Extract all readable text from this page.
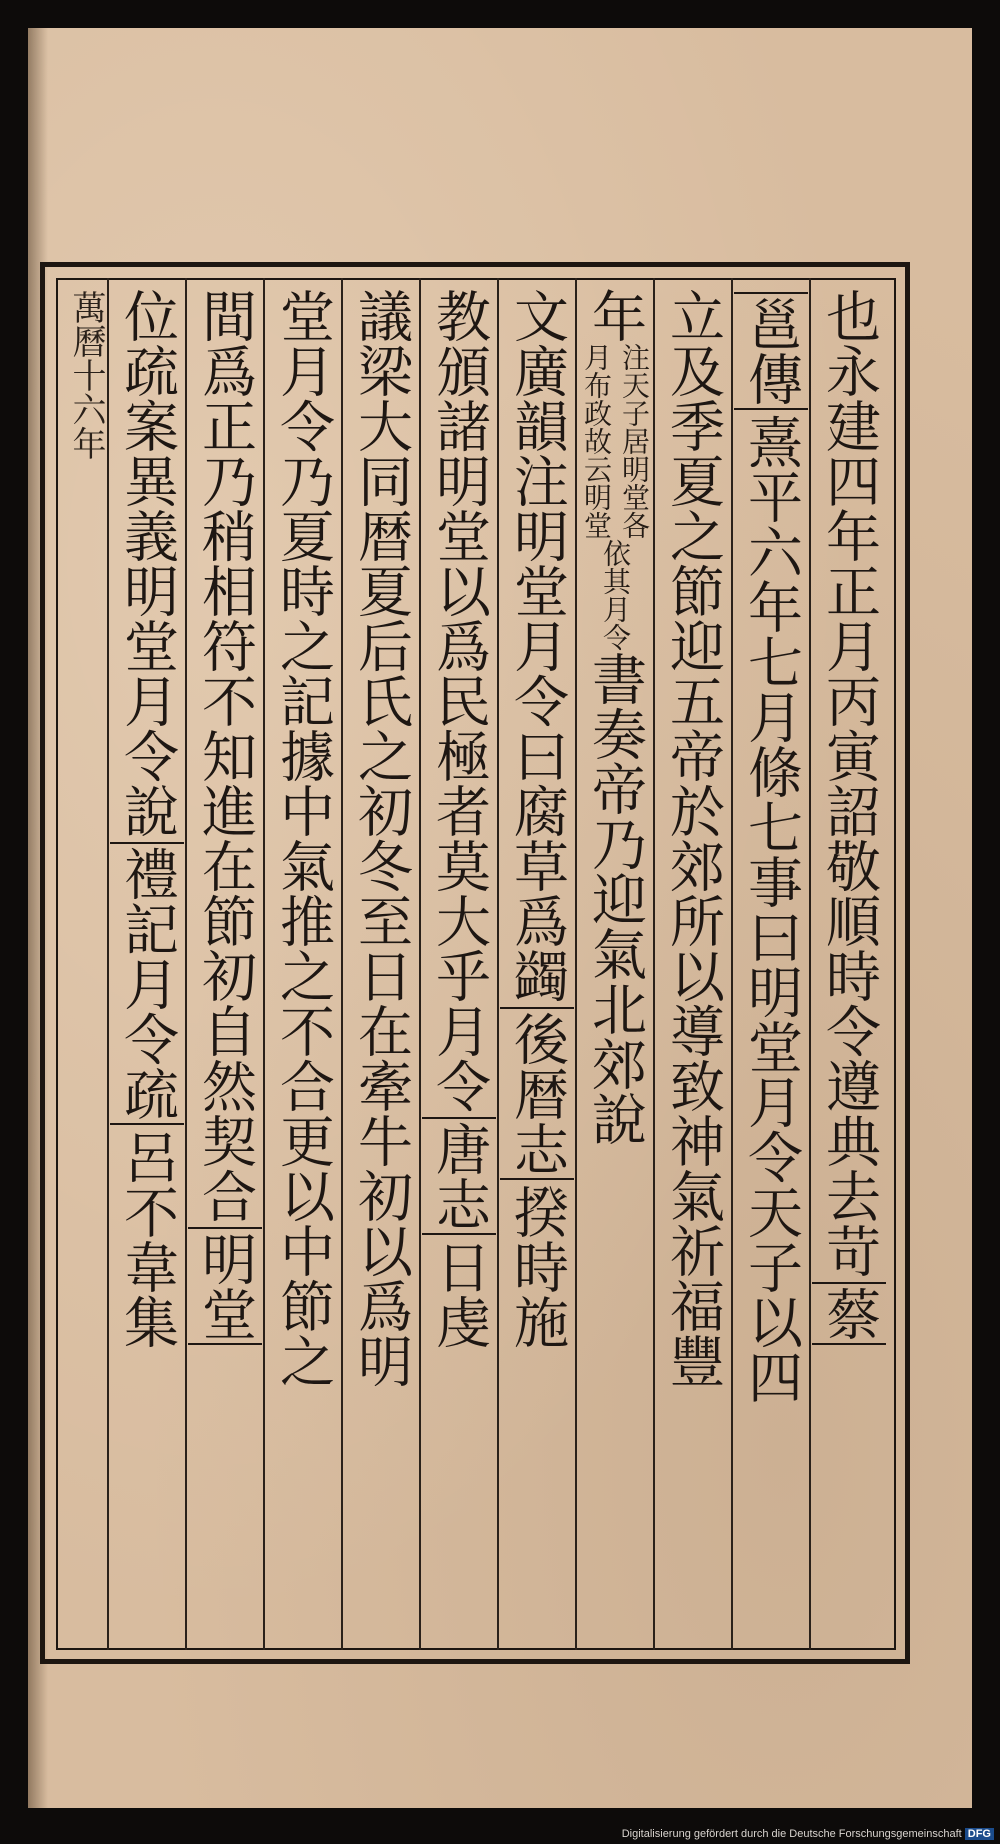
萬曆十六年	也永建四年正月丙寅詔敬順時令遵典去苛
蔡
邕傳
熹平六年七月條七事曰明堂月令天子以四
立及季夏之節迎五帝於郊所以導致神氣祈福豐
年
注天子居明堂各
月布政故云明堂
依其月令
書奏帝乃迎氣北郊
說
文廣韻注明堂月令曰腐草爲蠲
後暦志
揆時施
教頒諸明堂以爲民極者莫大乎月令
唐志
日虔
議梁大同暦夏后氏之初冬至日在牽牛初以爲明
堂月令乃夏時之記據中氣推之不合更以中節之
間爲正乃稍相符不知進在節初自然契合
明堂
位疏案異義明堂月令說
禮記月令疏
呂不韋集
Digitalisierung gefördert durch die Deutsche Forschungsgemeinschaft DFG
